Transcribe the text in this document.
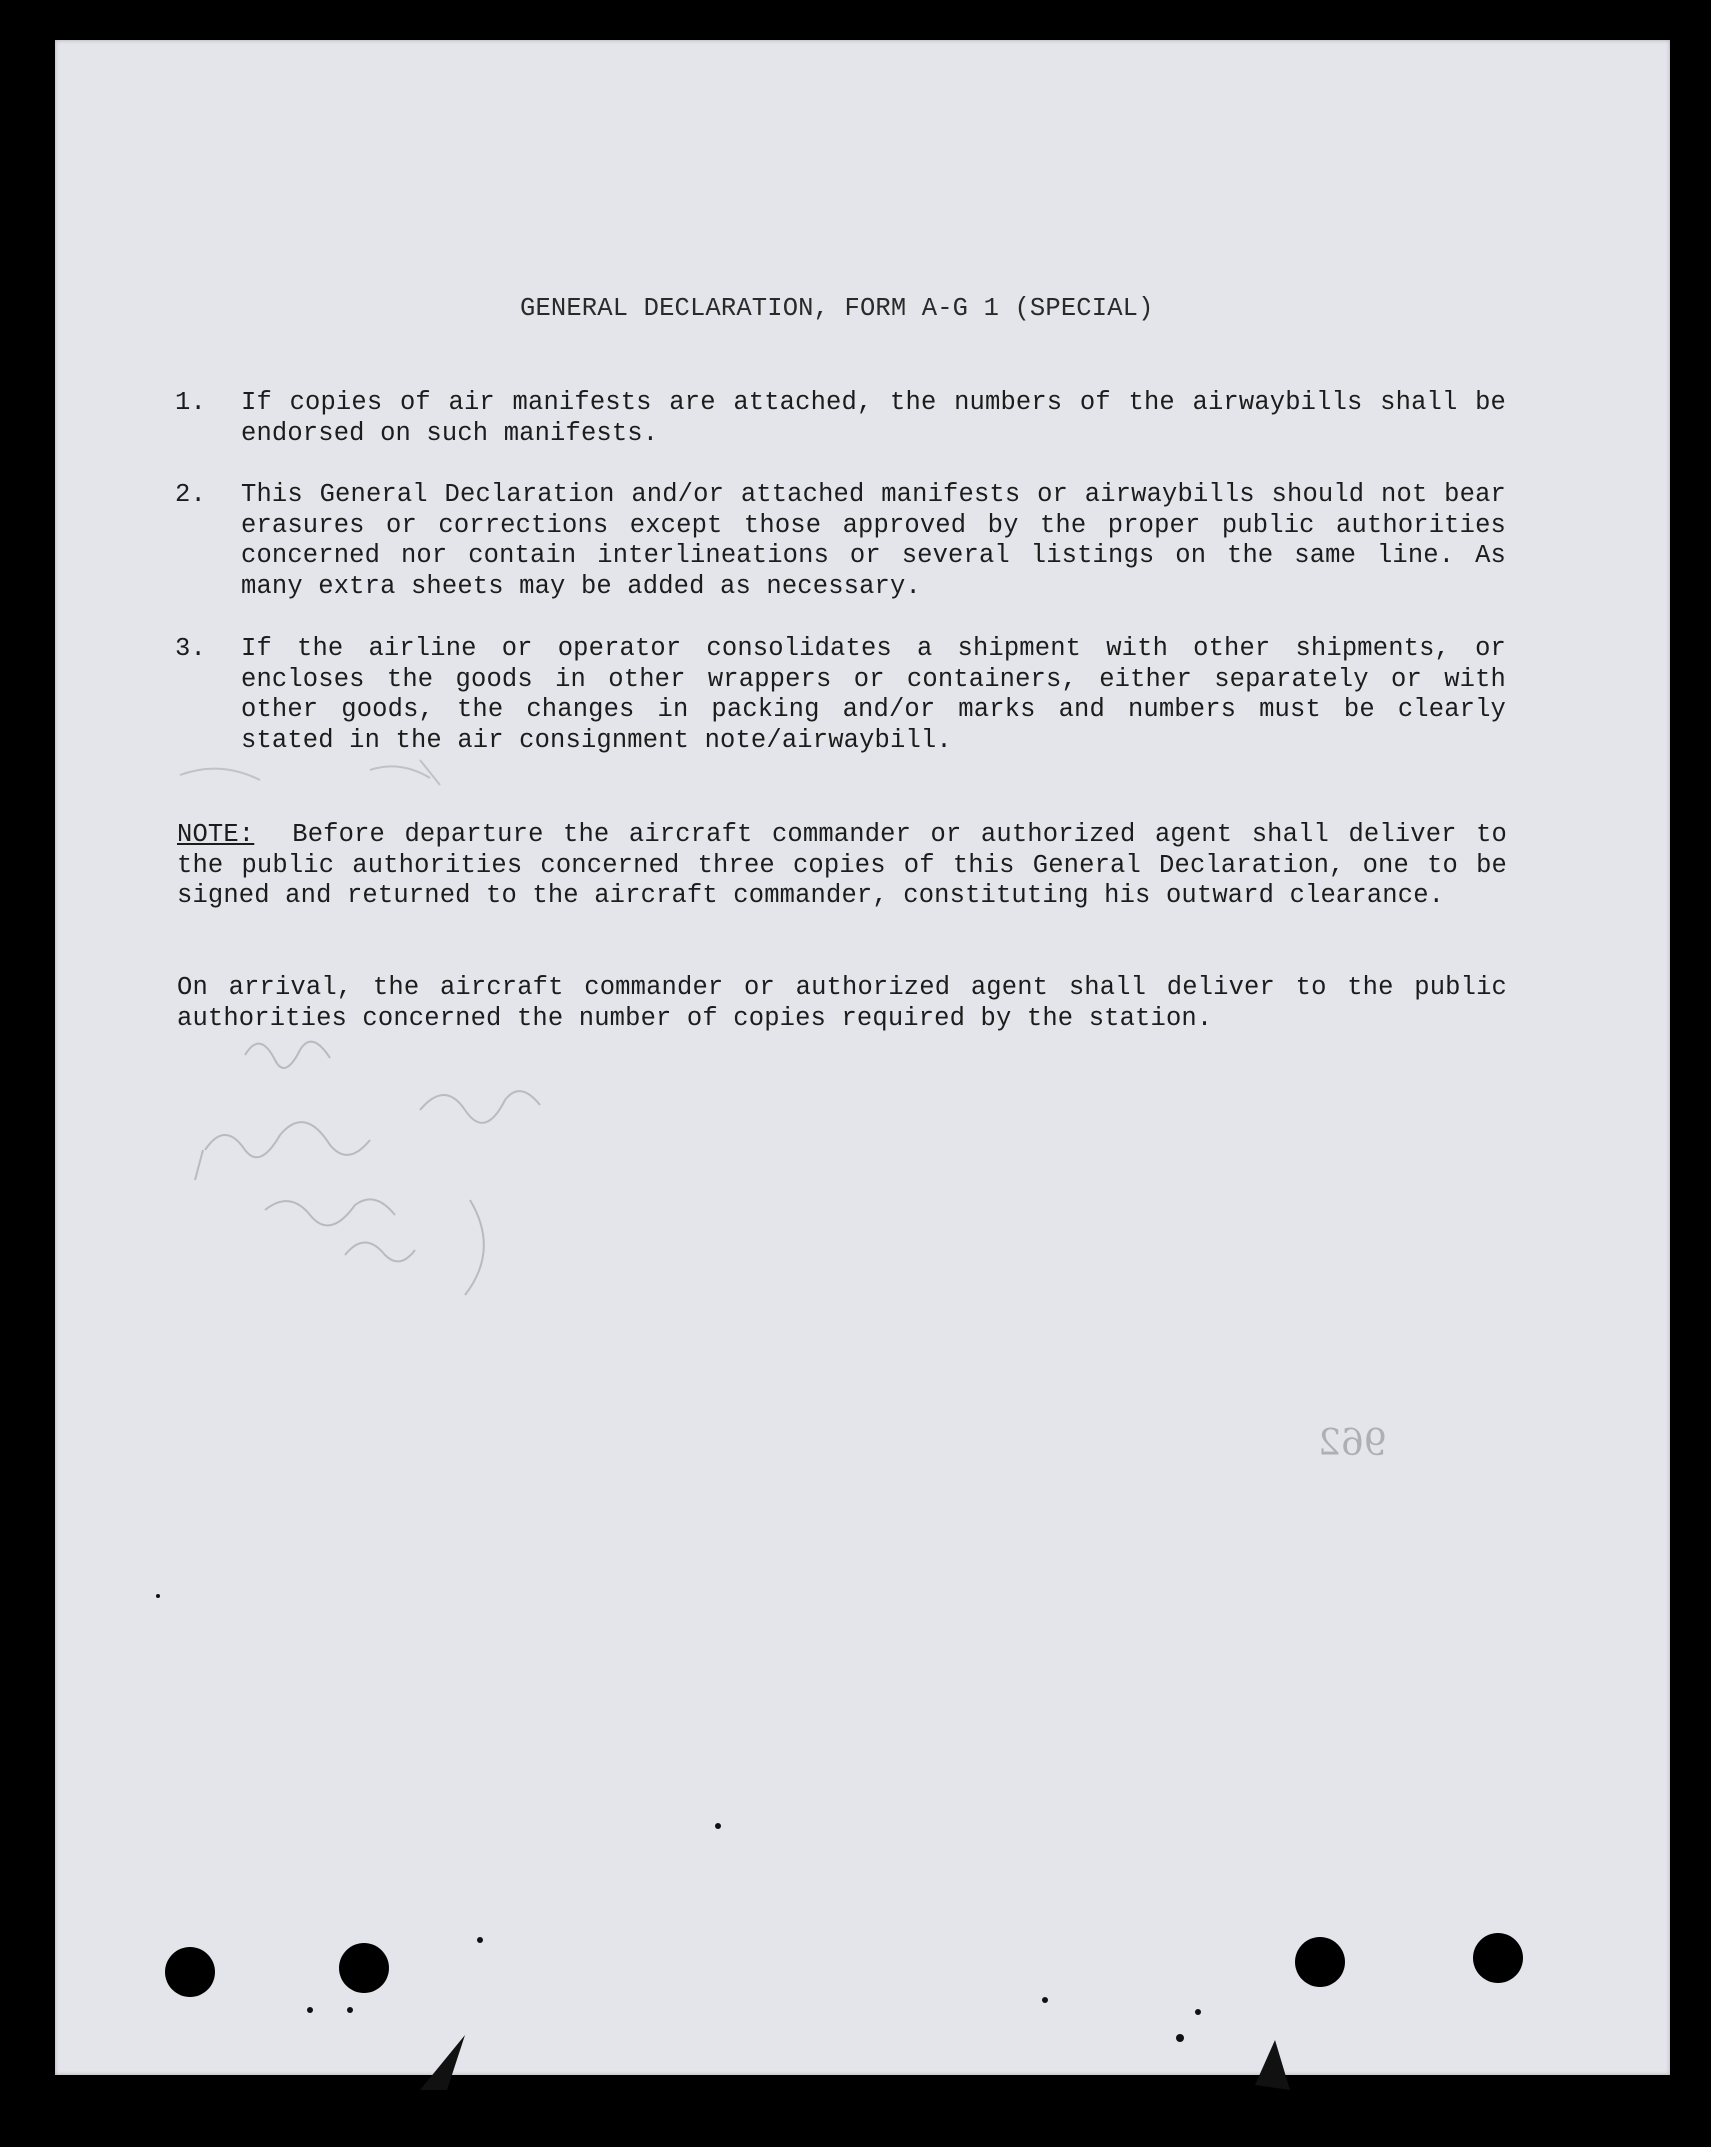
GENERAL DECLARATION, FORM A-G 1 (SPECIAL)
1. If copies of air manifests are attached, the numbers of the airwaybills shall be endorsed on such manifests.
2. This General Declaration and/or attached manifests or airwaybills should not bear erasures or corrections except those approved by the proper public authorities concerned nor contain interlineations or several listings on the same line. As many extra sheets may be added as necessary.
3. If the airline or operator consolidates a shipment with other shipments, or encloses the goods in other wrappers or containers, either separately or with other goods, the changes in packing and/or marks and numbers must be clearly stated in the air consignment note/airwaybill.
NOTE: Before departure the aircraft commander or authorized agent shall deliver to the public authorities concerned three copies of this General Declaration, one to be signed and returned to the aircraft commander, constituting his outward clearance.
On arrival, the aircraft commander or authorized agent shall deliver to the public authorities concerned the number of copies required by the station.
962
